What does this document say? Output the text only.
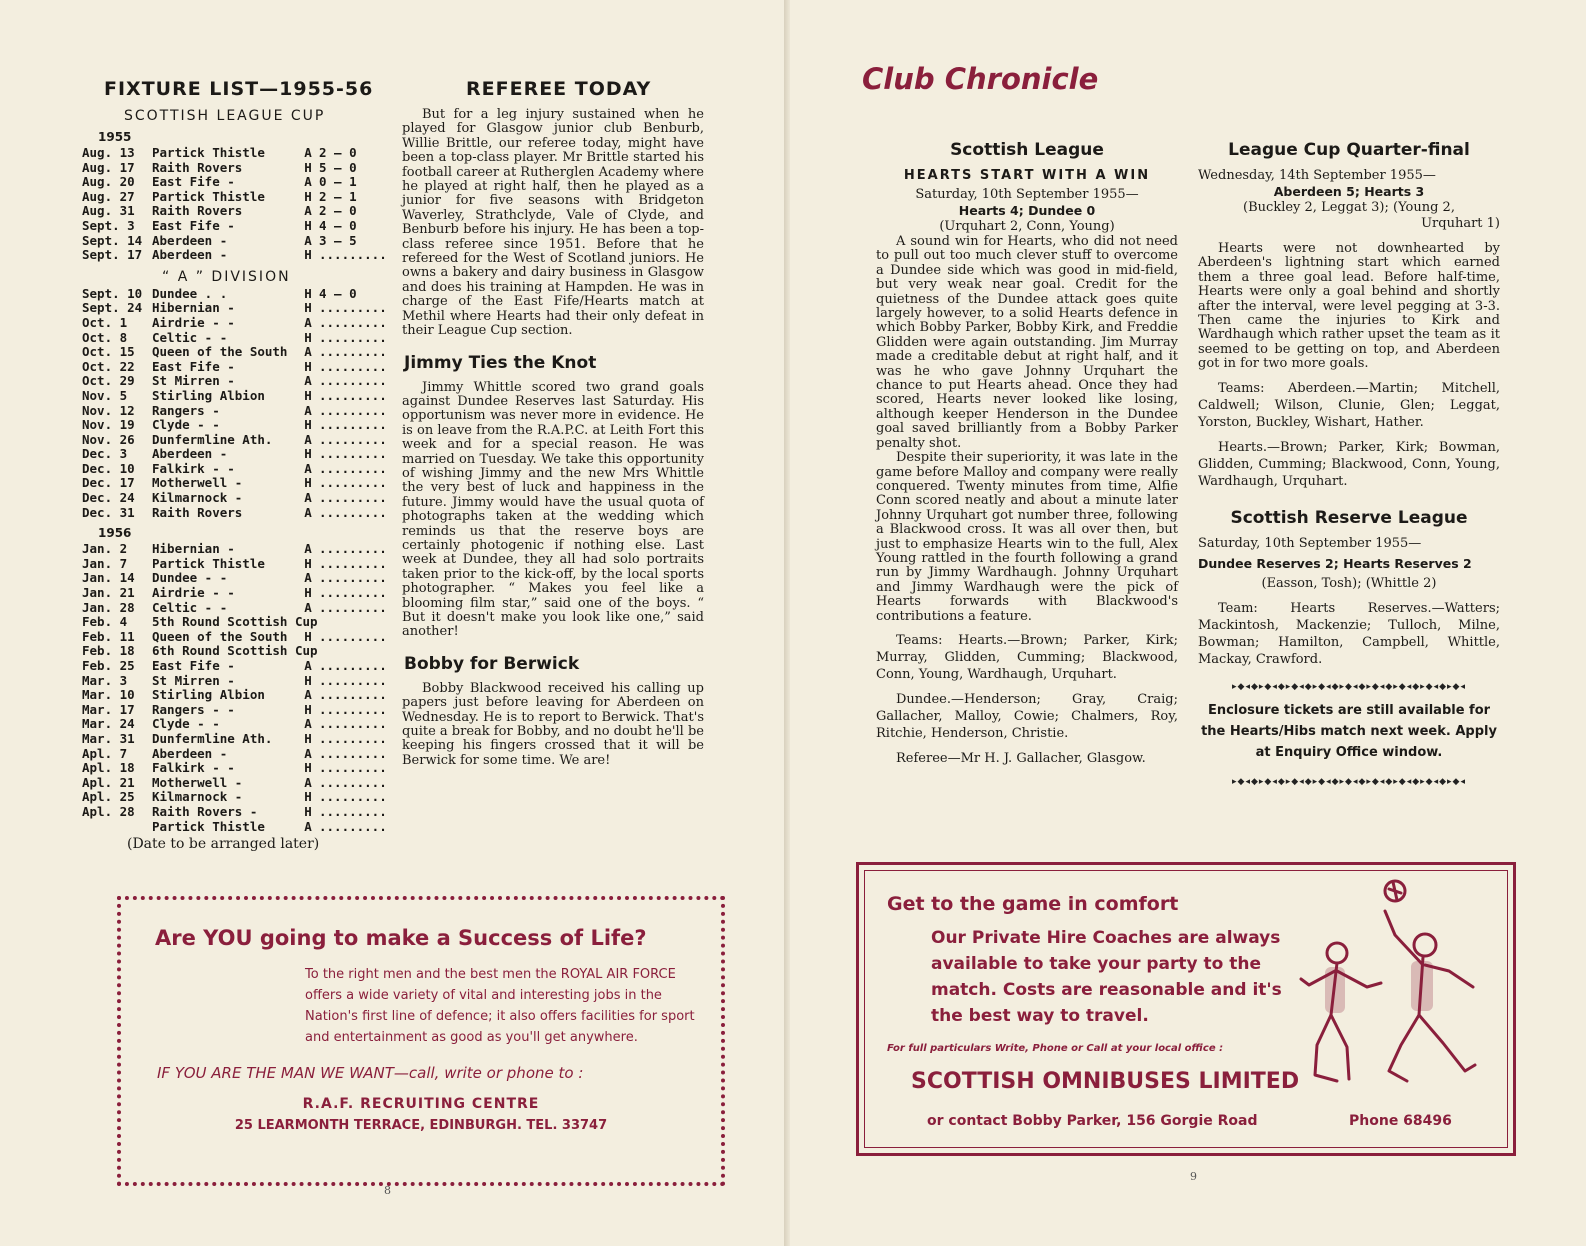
FIXTURE LIST—1955-56
SCOTTISH LEAGUE CUP
1955
Aug. 13	Partick Thistle	A 2 — 0
Aug. 17	Raith Rovers	H 5 — 0
Aug. 20	East Fife -	A 0 — 1
Aug. 27	Partick Thistle	H 2 — 1
Aug. 31	Raith Rovers	A 2 — 0
Sept. 3	East Fife -	H 4 — 0
Sept. 14 Aberdeen -	A 3 — 5
Sept. 17 Aberdeen -	H .........
“ A ” DIVISION
Sept. 10 Dundee . .	H 4 — 0
Sept. 24 Hibernian -	H .........
Oct. 1	Airdrie - -	A .........
Oct. 8	Celtic - -	H .........
Oct. 15	Queen of the South	A .........
Oct. 22	East Fife -	H .........
Oct. 29	St Mirren -	A .........
Nov. 5	Stirling Albion	H .........
Nov. 12	Rangers -	A .........
Nov. 19	Clyde - -	H .........
Nov. 26	Dunfermline Ath.	A .........
Dec. 3	Aberdeen -	H .........
Dec. 10	Falkirk - -	A .........
Dec. 17	Motherwell -	H .........
Dec. 24	Kilmarnock -	A .........
Dec. 31	Raith Rovers	A .........
1956
Jan. 2	Hibernian -	A .........
Jan. 7	Partick Thistle	H .........
Jan. 14	Dundee - -	A .........
Jan. 21	Airdrie - -	H .........
Jan. 28	Celtic - -	A .........
Feb. 4	5th Round Scottish Cup
Feb. 11	Queen of the South	H .........
Feb. 18	6th Round Scottish Cup
Feb. 25	East Fife -	A .........
Mar. 3	St Mirren -	H .........
Mar. 10	Stirling Albion	A .........
Mar. 17	Rangers - -	H .........
Mar. 24	Clyde - -	A .........
Mar. 31	Dunfermline Ath.	H .........
Apl. 7	Aberdeen -	A .........
Apl. 18	Falkirk - -	H .........
Apl. 21	Motherwell -	A .........
Apl. 25	Kilmarnock -	H .........
Apl. 28	Raith Rovers -	H .........
Partick Thistle	A .........
(Date to be arranged later)
REFEREE TODAY

But for a leg injury sustained when he played for Glasgow junior club Benburb, Willie Brittle, our referee today, might have been a top-class player. Mr Brittle started his football career at Rutherglen Academy where he played at right half, then he played as a junior for five seasons with Bridgeton Waverley, Strathclyde, Vale of Clyde, and Benburb before his injury. He has been a top-class referee since 1951. Before that he refereed for the West of Scotland juniors. He owns a bakery and dairy business in Glasgow and does his training at Hampden. He was in charge of the East Fife/Hearts match at Methil where Hearts had their only defeat in their League Cup section.

Jimmy Ties the Knot

Jimmy Whittle scored two grand goals against Dundee Reserves last Saturday. His opportunism was never more in evidence. He is on leave from the R.A.P.C. at Leith Fort this week and for a special reason. He was married on Tuesday. We take this opportunity of wishing Jimmy and the new Mrs Whittle the very best of luck and happiness in the future. Jimmy would have the usual quota of photographs taken at the wedding which reminds us that the reserve boys are certainly photogenic if nothing else. Last week at Dundee, they all had solo portraits taken prior to the kick-off, by the local sports photographer. “ Makes you feel like a blooming film star,” said one of the boys. “ But it doesn't make you look like one,” said another!

Bobby for Berwick

Bobby Blackwood received his calling up papers just before leaving for Aberdeen on Wednesday. He is to report to Berwick. That's quite a break for Bobby, and no doubt he'll be keeping his fingers crossed that it will be Berwick for some time. We are!

Are YOU going to make a Success of Life?
To the right men and the best men the ROYAL AIR FORCE offers a wide variety of vital and interesting jobs in the Nation's first line of defence; it also offers facilities for sport and entertainment as good as you'll get anywhere.
IF YOU ARE THE MAN WE WANT—call, write or phone to :
R.A.F. RECRUITING CENTRE
25 LEARMONTH TERRACE, EDINBURGH. TEL. 33747
8
Club Chronicle
Scottish League
HEARTS START WITH A WIN
Saturday, 10th September 1955—
Hearts 4; Dundee 0
(Urquhart 2, Conn, Young)

A sound win for Hearts, who did not need to pull out too much clever stuff to overcome a Dundee side which was good in mid-field, but very weak near goal. Credit for the quietness of the Dundee attack goes quite largely however, to a solid Hearts defence in which Bobby Parker, Bobby Kirk, and Freddie Glidden were again outstanding. Jim Murray made a creditable debut at right half, and it was he who gave Johnny Urquhart the chance to put Hearts ahead. Once they had scored, Hearts never looked like losing, although keeper Henderson in the Dundee goal saved brilliantly from a Bobby Parker penalty shot.

Despite their superiority, it was late in the game before Malloy and company were really conquered. Twenty minutes from time, Alfie Conn scored neatly and about a minute later Johnny Urquhart got number three, following a Blackwood cross. It was all over then, but just to emphasize Hearts win to the full, Alex Young rattled in the fourth following a grand run by Jimmy Wardhaugh. Johnny Urquhart and Jimmy Wardhaugh were the pick of Hearts forwards with Blackwood's contributions a feature.

Teams: Hearts.—Brown; Parker, Kirk; Murray, Glidden, Cumming; Blackwood, Conn, Young, Wardhaugh, Urquhart.

Dundee.—Henderson; Gray, Craig; Gallacher, Malloy, Cowie; Chalmers, Roy, Ritchie, Henderson, Christie.

Referee—Mr H. J. Gallacher, Glasgow.

League Cup Quarter-final
Wednesday, 14th September 1955—
Aberdeen 5; Hearts 3
(Buckley 2, Leggat 3); (Young 2,
Urquhart 1)

Hearts were not downhearted by Aberdeen's lightning start which earned them a three goal lead. Before half-time, Hearts were only a goal behind and shortly after the interval, were level pegging at 3-3. Then came the injuries to Kirk and Wardhaugh which rather upset the team as it seemed to be getting on top, and Aberdeen got in for two more goals.

Teams: Aberdeen.—Martin; Mitchell, Caldwell; Wilson, Clunie, Glen; Leggat, Yorston, Buckley, Wishart, Hather.

Hearts.—Brown; Parker, Kirk; Bowman, Glidden, Cumming; Blackwood, Conn, Young, Wardhaugh, Urquhart.

Scottish Reserve League
Saturday, 10th September 1955—
Dundee Reserves 2; Hearts Reserves 2
(Easson, Tosh); (Whittle 2)

Team: Hearts Reserves.—Watters; Mackintosh, Mackenzie; Tulloch, Milne, Bowman; Hamilton, Campbell, Whittle, Mackay, Crawford.

▸◆◂◆▸◆◂◆▸◆◂◆▸◆◂◆▸◆◂◆▸◆◂◆▸◆◂◆▸◆◂◆▸◆◂
Enclosure tickets are still available for the Hearts/Hibs match next week. Apply at Enquiry Office window.
▸◆◂◆▸◆◂◆▸◆◂◆▸◆◂◆▸◆◂◆▸◆◂◆▸◆◂◆▸◆◂◆▸◆◂
Get to the game in comfort
Our Private Hire Coaches are always available to take your party to the match. Costs are reasonable and it's the best way to travel.
For full particulars Write, Phone or Call at your local office :
SCOTTISH OMNIBUSES LIMITED
or contact Bobby Parker, 156 Gorgie Road	Phone 68496
9
